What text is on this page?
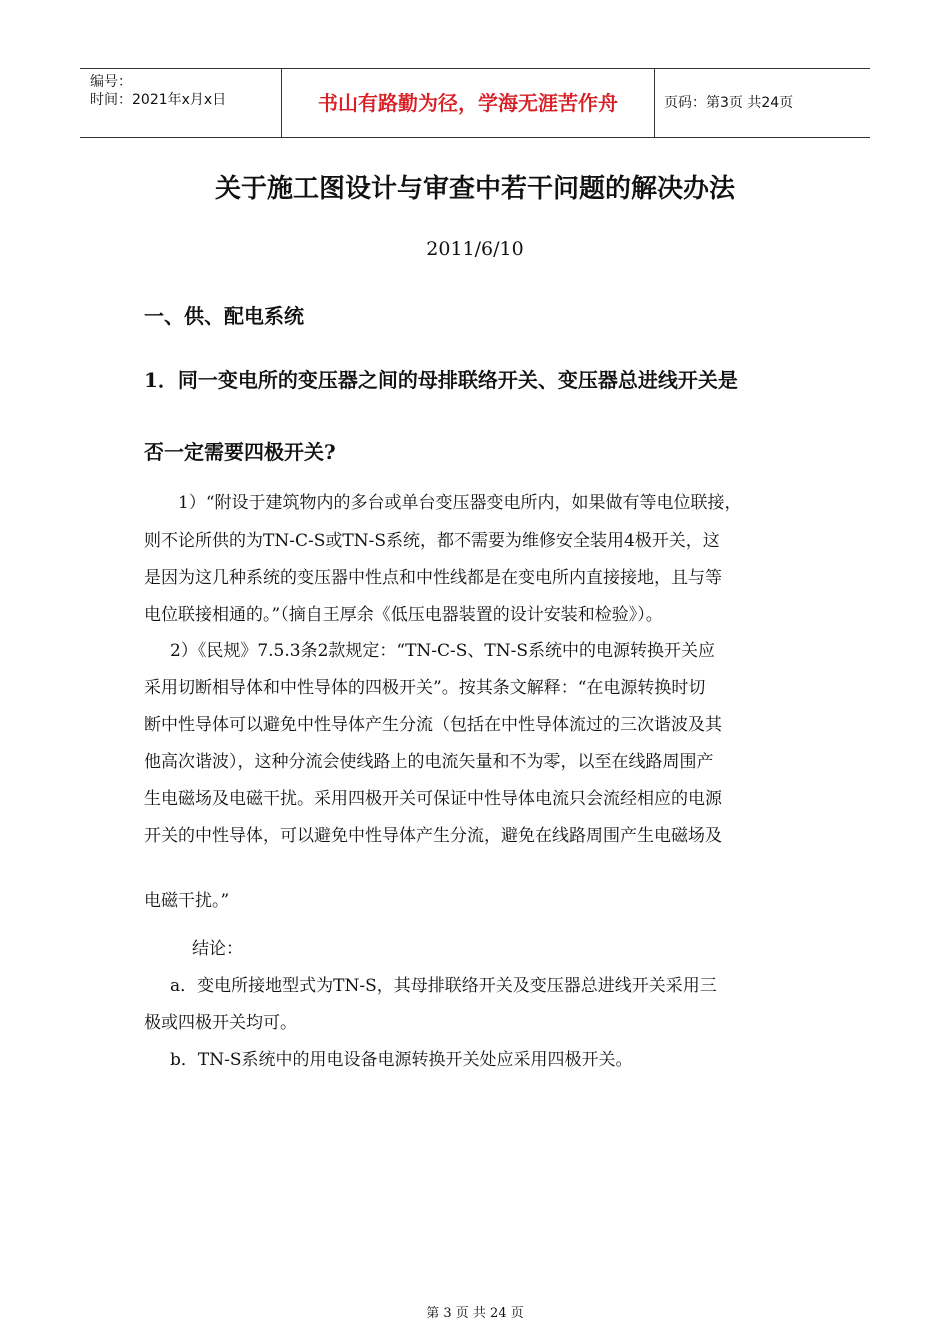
编号：
时间：2021年x月x日	书山有路勤为径，学海无涯苦作舟	页码：第3页 共24页
关于施工图设计与审查中若干问题的解决办法
2011/6/10
一、供、配电系统
1．同一变电所的变压器之间的母排联络开关、变压器总进线开关是
否一定需要四极开关?
1）“附设于建筑物内的多台或单台变压器变电所内，如果做有等电位联接，
则不论所供的为TN-C-S或TN-S系统，都不需要为维修安全装用4极开关，这
是因为这几种系统的变压器中性点和中性线都是在变电所内直接接地，且与等
电位联接相通的。”（摘自王厚余《低压电器装置的设计安装和检验》）。
2）《民规》7.5.3条2款规定：“TN-C-S、TN-S系统中的电源转换开关应
采用切断相导体和中性导体的四极开关”。按其条文解释：“在电源转换时切
断中性导体可以避免中性导体产生分流（包括在中性导体流过的三次谐波及其
他高次谐波），这种分流会使线路上的电流矢量和不为零，以至在线路周围产
生电磁场及电磁干扰。采用四极开关可保证中性导体电流只会流经相应的电源
开关的中性导体，可以避免中性导体产生分流，避免在线路周围产生电磁场及
电磁干扰。”
结论：
a．变电所接地型式为TN-S，其母排联络开关及变压器总进线开关采用三
极或四极开关均可。
b．TN-S系统中的用电设备电源转换开关处应采用四极开关。
第 3 页 共 24 页
